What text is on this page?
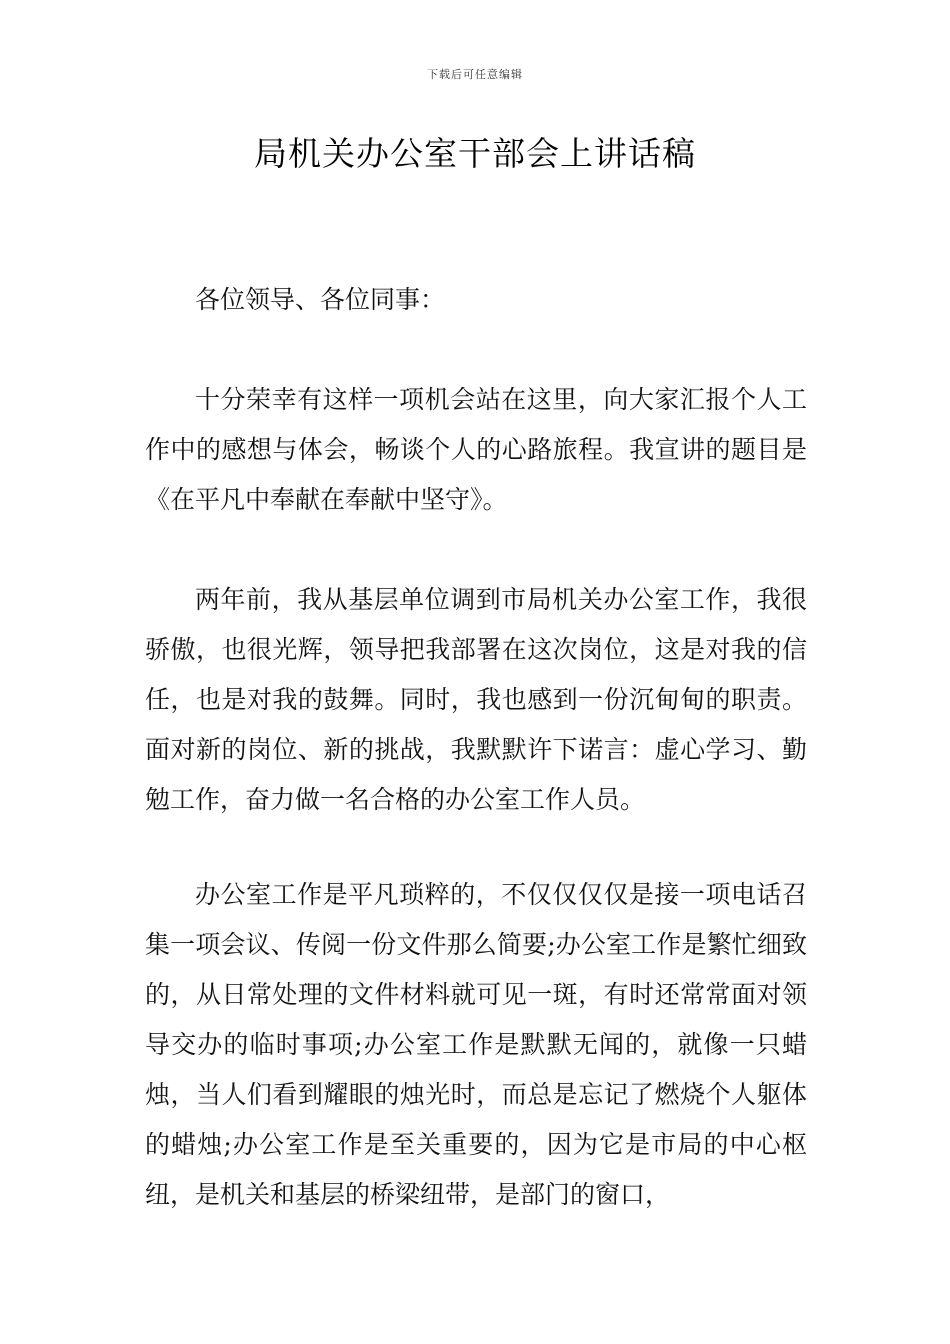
下载后可任意编辑
局机关办公室干部会上讲话稿

各位领导、各位同事：

十分荣幸有这样一项机会站在这里，向大家汇报个人工作中的感想与体会，畅谈个人的心路旅程。我宣讲的题目是《在平凡中奉献在奉献中坚守》。

两年前，我从基层单位调到市局机关办公室工作，我很骄傲，也很光辉，领导把我部署在这次岗位，这是对我的信任，也是对我的鼓舞。同时，我也感到一份沉甸甸的职责。面对新的岗位、新的挑战，我默默许下诺言：虚心学习、勤勉工作，奋力做一名合格的办公室工作人员。

办公室工作是平凡琐粹的，不仅仅仅仅是接一项电话召集一项会议、传阅一份文件那么简要;办公室工作是繁忙细致的，从日常处理的文件材料就可见一斑，有时还常常面对领导交办的临时事项;办公室工作是默默无闻的，就像一只蜡烛，当人们看到耀眼的烛光时，而总是忘记了燃烧个人躯体的蜡烛;办公室工作是至关重要的，因为它是市局的中心枢纽，是机关和基层的桥梁纽带，是部门的窗口，
